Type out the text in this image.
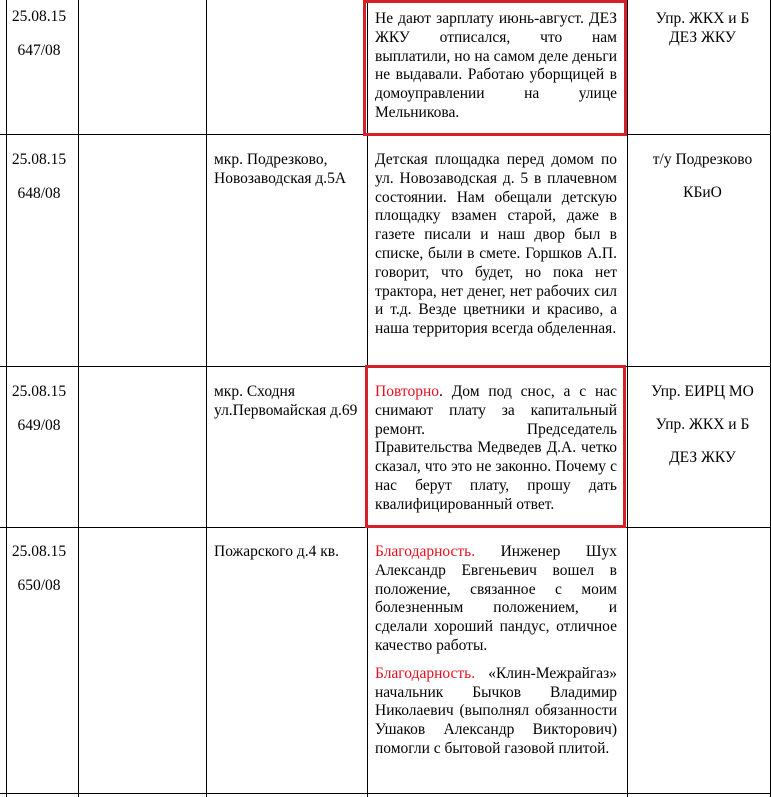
25.08.15
647/08
Не дают зарплату июнь-август. ДЕЗ ЖКУ отписался, что нам выплатили, но на самом деле деньги не выдавали. Работаю уборщицей в домоуправлении на улице Мельникова.

Упр. ЖКХ и Б ДЕЗ ЖКУ

25.08.15
648/08
мкр. Подрезково, Новозаводская д.5А
Детская площадка перед домом по ул. Новозаводская д. 5 в плачевном состоянии. Нам обещали детскую площадку взамен старой, даже в газете писали и наш двор был в списке, были в смете. Горшков А.П. говорит, что будет, но пока нет трактора, нет денег, нет рабочих сил и т.д. Везде цветники и красиво, а наша территория всегда обделенная.

т/у Подрезково

КБиО

25.08.15
649/08
мкр. Сходня ул.Первомайская д.69
Повторно. Дом под снос, а с нас снимают плату за капитальный ремонт. Председатель Правительства Медведев Д.А. четко сказал, что это не законно. Почему с нас берут плату, прошу дать квалифицированный ответ.

Упр. ЕИРЦ МО

Упр. ЖКХ и Б

ДЕЗ ЖКУ

25.08.15
650/08
Пожарского д.4 кв.	Благодарность. Инженер Шух Александр Евгеньевич вошел в положение, связанное с моим болезненным положением, и сделали хороший пандус, отличное качество работы.
Благодарность. «Клин-Межрайгаз» начальник Бычков Владимир Николаевич (выполнял обязанности Ушаков Александр Викторович) помогли с бытовой газовой плитой.
